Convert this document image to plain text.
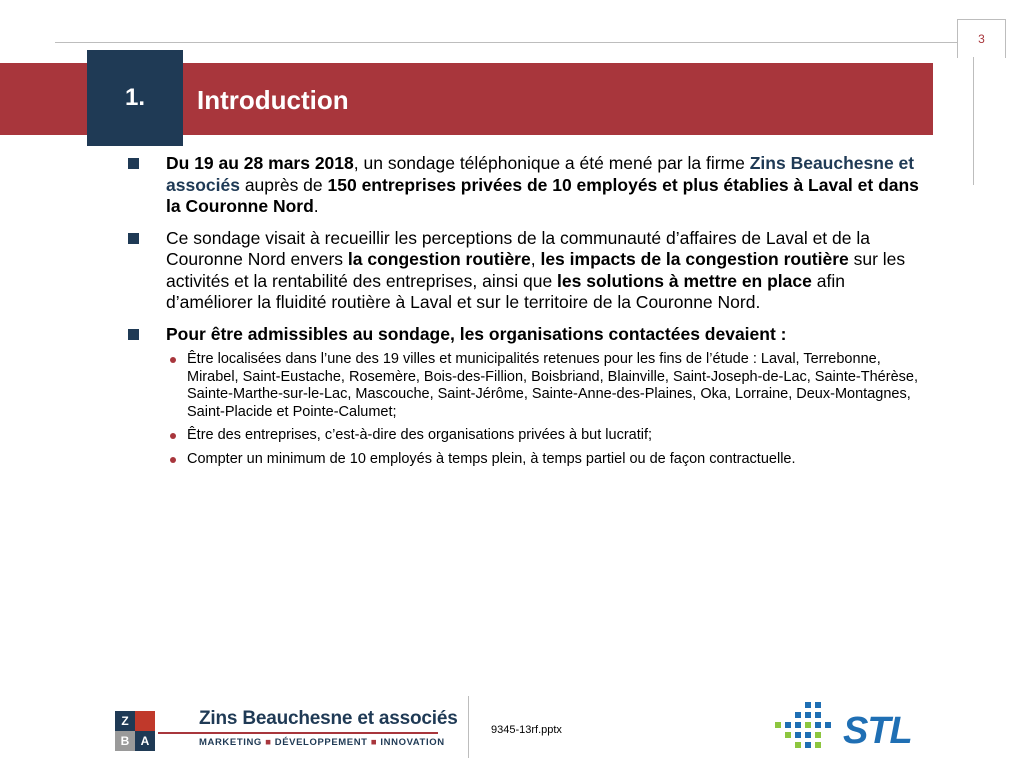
3
1. Introduction
Du 19 au 28 mars 2018, un sondage téléphonique a été mené par la firme Zins Beauchesne et associés auprès de 150 entreprises privées de 10 employés et plus établies à Laval et dans la Couronne Nord.
Ce sondage visait à recueillir les perceptions de la communauté d’affaires de Laval et de la Couronne Nord envers la congestion routière, les impacts de la congestion routière sur les activités et la rentabilité des entreprises, ainsi que les solutions à mettre en place afin d’améliorer la fluidité routière à Laval et sur le territoire de la Couronne Nord.
Pour être admissibles au sondage, les organisations contactées devaient :
Être localisées dans l’une des 19 villes et municipalités retenues pour les fins de l’étude : Laval, Terrebonne, Mirabel, Saint-Eustache, Rosemère, Bois-des-Fillion, Boisbriand, Blainville, Saint-Joseph-de-Lac, Sainte-Thérèse, Sainte-Marthe-sur-le-Lac, Mascouche, Saint-Jérôme, Sainte-Anne-des-Plaines, Oka, Lorraine, Deux-Montagnes, Saint-Placide et Pointe-Calumet;
Être des entreprises, c’est-à-dire des organisations privées à but lucratif;
Compter un minimum de 10 employés à temps plein, à temps partiel ou de façon contractuelle.
Z
B A
Zins Beauchesne et associés
MARKETING ■ DÉVELOPPEMENT ■ INNOVATION
9345-13rf.pptx	STL
